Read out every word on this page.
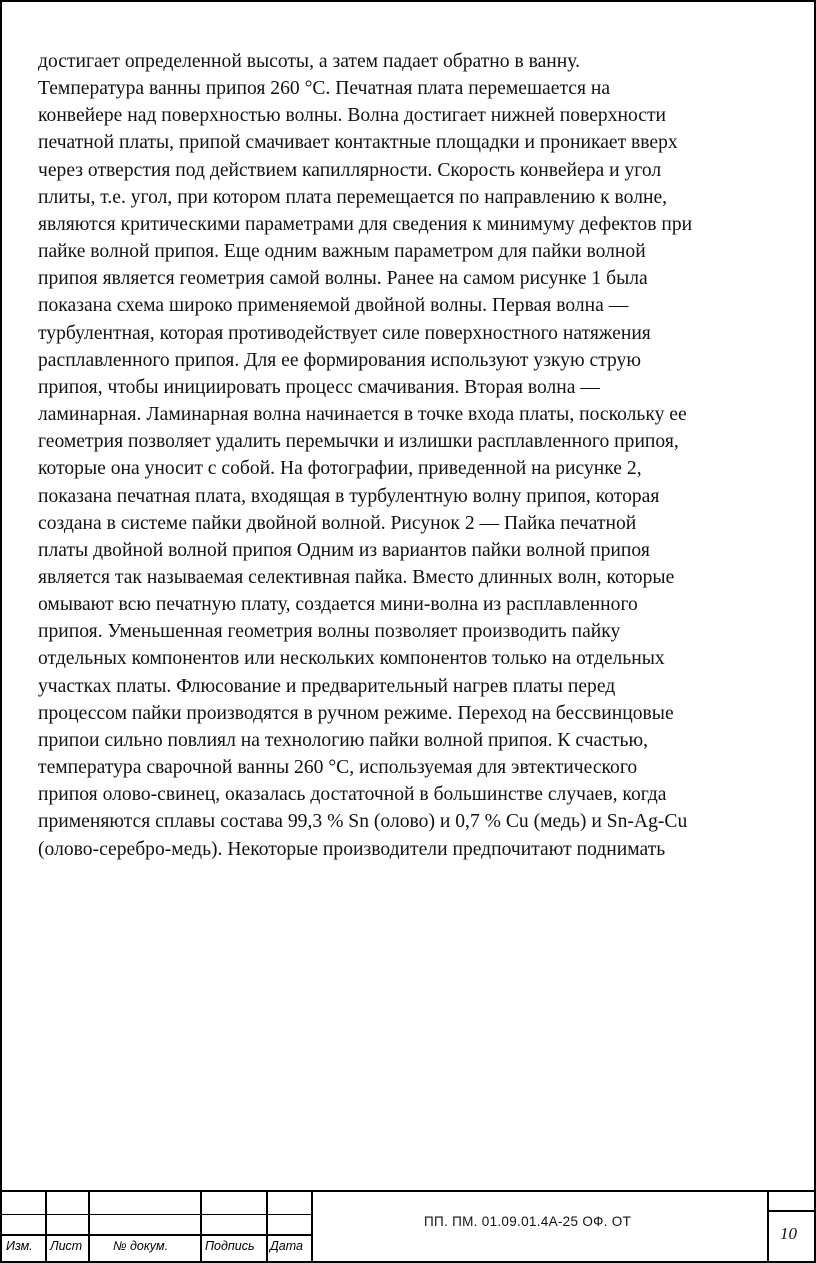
достигает определенной высоты, а затем падает обратно в ванну.
Температура ванны припоя 260 °С. Печатная плата перемешается на
конвейере над поверхностью волны. Волна достигает нижней поверхности
печатной платы, припой смачивает контактные площадки и проникает вверх
через отверстия под действием капиллярности. Скорость конвейера и угол
плиты, т.е. угол, при котором плата перемещается по направлению к волне,
являются критическими параметрами для сведения к минимуму дефектов при
пайке волной припоя. Еще одним важным параметром для пайки волной
припоя является геометрия самой волны. Ранее на самом рисунке 1 была
показана схема широко применяемой двойной волны. Первая волна —
турбулентная, которая противодействует силе поверхностного натяжения
расплавленного припоя. Для ее формирования используют узкую струю
припоя, чтобы инициировать процесс смачивания. Вторая волна —
ламинарная. Ламинарная волна начинается в точке входа платы, поскольку ее
геометрия позволяет удалить перемычки и излишки расплавленного припоя,
которые она уносит с собой. На фотографии, приведенной на рисунке 2,
показана печатная плата, входящая в турбулентную волну припоя, которая
создана в системе пайки двойной волной. Рисунок 2 — Пайка печатной
платы двойной волной припоя Одним из вариантов пайки волной припоя
является так называемая селективная пайка. Вместо длинных волн, которые
омывают всю печатную плату, создается мини-волна из расплавленного
припоя. Уменьшенная геометрия волны позволяет производить пайку
отдельных компонентов или нескольких компонентов только на отдельных
участках платы. Флюсование и предварительный нагрев платы перед
процессом пайки производятся в ручном режиме. Переход на бессвинцовые
припои сильно повлиял на технологию пайки волной припоя. К счастью,
температура сварочной ванны 260 °С, используемая для эвтектического
припоя олово-свинец, оказалась достаточной в большинстве случаев, когда
применяются сплавы состава 99,3 % Sn (олово) и 0,7 % Cu (медь) и Sn-Ag-Cu
(олово-серебро-медь). Некоторые производители предпочитают поднимать
Изм. Лист № докум.	Подпись Дата
ПП. ПМ. 01.09.01.4А-25 ОФ. ОТ
10
